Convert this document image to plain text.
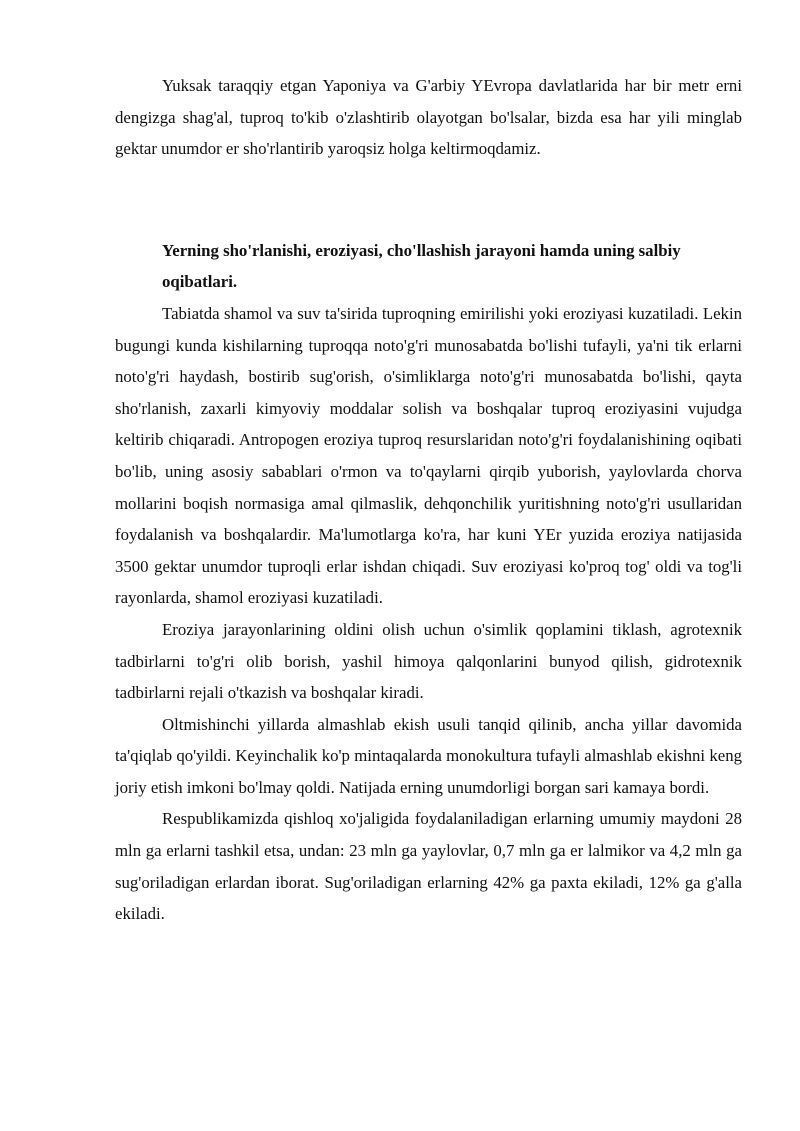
Yuksak taraqqiy etgan Yaponiya va G'arbiy YEvropa davlatlarida har bir metr erni dengizga shag'al, tuproq to'kib o'zlashtirib olayotgan bo'lsalar, bizda esa har yili minglab gektar unumdor er sho'rlantirib yaroqsiz holga keltirmoqdamiz.

Yerning sho'rlanishi, eroziyasi, cho'llashish jarayoni hamda uning salbiy oqibatlari.

Tabiatda shamol va suv ta'sirida tuproqning emirilishi yoki eroziyasi kuzatiladi. Lekin bugungi kunda kishilarning tuproqqa noto'g'ri munosabatda bo'lishi tufayli, ya'ni tik erlarni noto'g'ri haydash, bostirib sug'orish, o'simliklarga noto'g'ri munosabatda bo'lishi, qayta sho'rlanish, zaxarli kimyoviy moddalar solish va boshqalar tuproq eroziyasini vujudga keltirib chiqaradi. Antropogen eroziya tuproq resurslaridan noto'g'ri foydalanishining oqibati bo'lib, uning asosiy sabablari o'rmon va to'qaylarni qirqib yuborish, yaylovlarda chorva mollarini boqish normasiga amal qilmaslik, dehqonchilik yuritishning noto'g'ri usullaridan foydalanish va boshqalardir. Ma'lumotlarga ko'ra, har kuni YEr yuzida eroziya natijasida 3500 gektar unumdor tuproqli erlar ishdan chiqadi. Suv eroziyasi ko'proq tog' oldi va tog'li rayonlarda, shamol eroziyasi kuzatiladi.

Eroziya jarayonlarining oldini olish uchun o'simlik qoplamini tiklash, agrotexnik tadbirlarni to'g'ri olib borish, yashil himoya qalqonlarini bunyod qilish, gidrotexnik tadbirlarni rejali o'tkazish va boshqalar kiradi.

Oltmishinchi yillarda almashlab ekish usuli tanqid qilinib, ancha yillar davomida ta'qiqlab qo'yildi. Keyinchalik ko'p mintaqalarda monokultura tufayli almashlab ekishni keng joriy etish imkoni bo'lmay qoldi. Natijada erning unumdorligi borgan sari kamaya bordi.

Respublikamizda qishloq xo'jaligida foydalaniladigan erlarning umumiy maydoni 28 mln ga erlarni tashkil etsa, undan: 23 mln ga yaylovlar, 0,7 mln ga er lalmikor va 4,2 mln ga sug'oriladigan erlardan iborat. Sug'oriladigan erlarning 42% ga paxta ekiladi, 12% ga g'alla ekiladi.
